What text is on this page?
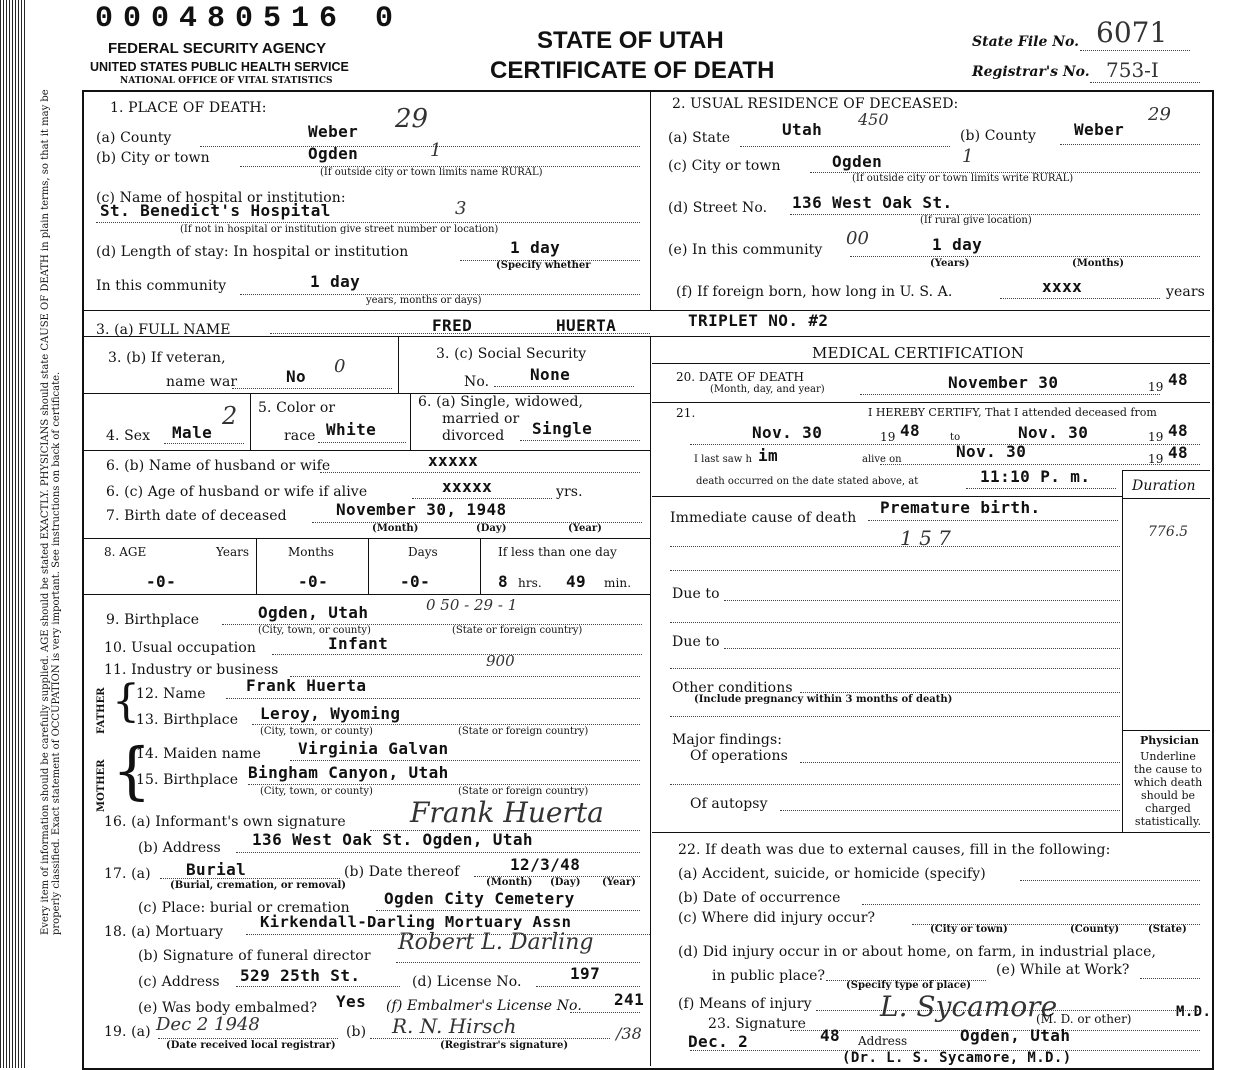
Every item of information should be carefully supplied. AGE should be stated EXACTLY. PHYSICIANS should state CAUSE OF DEATH in plain terms, so that it may be properly classified. Exact statement of OCCUPATION is very important. See instructions on back of certificate.
000480516 0
FEDERAL SECURITY AGENCY
UNITED STATES PUBLIC HEALTH SERVICE
NATIONAL OFFICE OF VITAL STATISTICS
STATE OF UTAH
CERTIFICATE OF DEATH
State File No. 6071
Registrar's No. 753-I
1. PLACE OF DEATH:
(a) County	Weber 29
(b) City or town	Ogden	1
(If outside city or town limits name RURAL)
(c) Name of hospital or institution:
St. Benedict's Hospital	3
(If not in hospital or institution give street number or location)
(d) Length of stay: In hospital or institution	1 day
(Specify whether
In this community	1 day
years, months or days)
2. USUAL RESIDENCE OF DECEASED:
(a) State	Utah
450
(b) County Weber
29
(c) City or town	Ogden	1
(If outside city or town limits write RURAL)
(d) Street No. 136 West Oak St.
(If rural give location)
(e) In this community
00	1 day
(Years)	(Months)
(f) If foreign born, how long in U. S. A.	xxxx	years
3. (a) FULL NAME	FRED	HUERTA	TRIPLET NO. #2
3. (b) If veteran,
name war	No 0
3. (c) Social Security
No.	None
4. Sex Male
2 5. Color or
race White
6. (a) Single, widowed,
married or
divorced Single
6. (b) Name of husband or wife	xxxxx
6. (c) Age of husband or wife if alive	xxxxx	yrs.
7. Birth date of deceased	November 30, 1948
(Month)	(Day)	(Year)
8. AGE	Years	Months	Days	If less than one day
-0-	-0-	-0-	8 hrs. 49 min.
9. Birthplace	Ogden, Utah	0 50 - 29 - 1
(City, town, or county)	(State or foreign country)
10. Usual occupation	Infant
11. Industry or business	900
FATHER {
12. Name	Frank Huerta
13. Birthplace Leroy, Wyoming
(City, town, or county)	(State or foreign country)
MOTHER {
14. Maiden name Virginia Galvan
15. Birthplace Bingham Canyon, Utah
(City, town, or county)	(State or foreign country)
16. (a) Informant's own signature Frank Huerta
(b) Address 136 West Oak St. Ogden, Utah
17. (a) Burial
(Burial, cremation, or removal)
(b) Date thereof	12/3/48
(Month) (Day) (Year)
(c) Place: burial or cremation Ogden City Cemetery
18. (a) Mortuary
Kirkendall-Darling Mortuary Assn
(b) Signature of funeral director
Robert L. Darling
(c) Address 529 25th St.	(d) License No.	197
(e) Was body embalmed? Yes (f) Embalmer's License No. 241
19. (a) Dec 2 1948
(Date received local registrar)
(b) R. N. Hirsch	/38
(Registrar's signature)
MEDICAL CERTIFICATION
20. DATE OF DEATH
(Month, day, and year)	November 30	19 48
21.	I HEREBY CERTIFY, That I attended deceased from
Nov. 30	19 48	to	Nov. 30	19 48
I last saw h im	alive on	Nov. 30	19 48
death occurred on the date stated above, at	11:10 P. m.	Duration
Immediate cause of death
Premature birth.
1 5 7	776.5
Due to
Due to
Other conditions
(Include pregnancy within 3 months of death)
Major findings:
Of operations
Of autopsy
Physician
Underline the cause to which death should be charged statistically.
22. If death was due to external causes, fill in the following:
(a) Accident, suicide, or homicide (specify)
(b) Date of occurrence
(c) Where did injury occur?
(City or town)	(County)	(State)
(d) Did injury occur in or about home, on farm, in industrial place,
in public place?
(Specify type of place)
(e) While at Work?
(f) Means of injury
23. Signature
L. Sycamore
(M. D. or other)	M.D.
Dec. 2	48 Address	Ogden, Utah
(Dr. L. S. Sycamore, M.D.)
